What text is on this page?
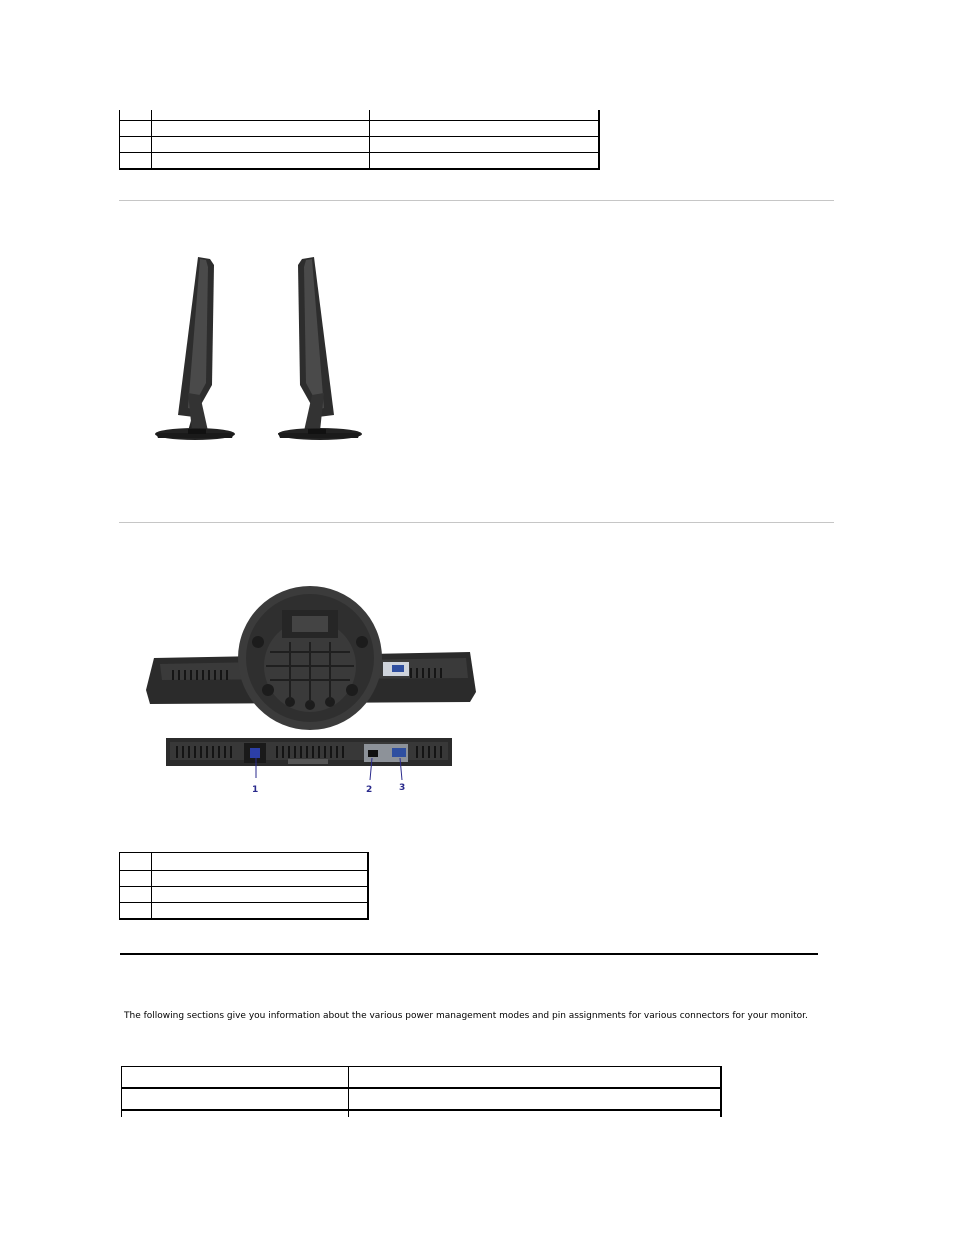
1	2	3

The following sections give you information about the various power management modes and pin assignments for various connectors for your monitor.
